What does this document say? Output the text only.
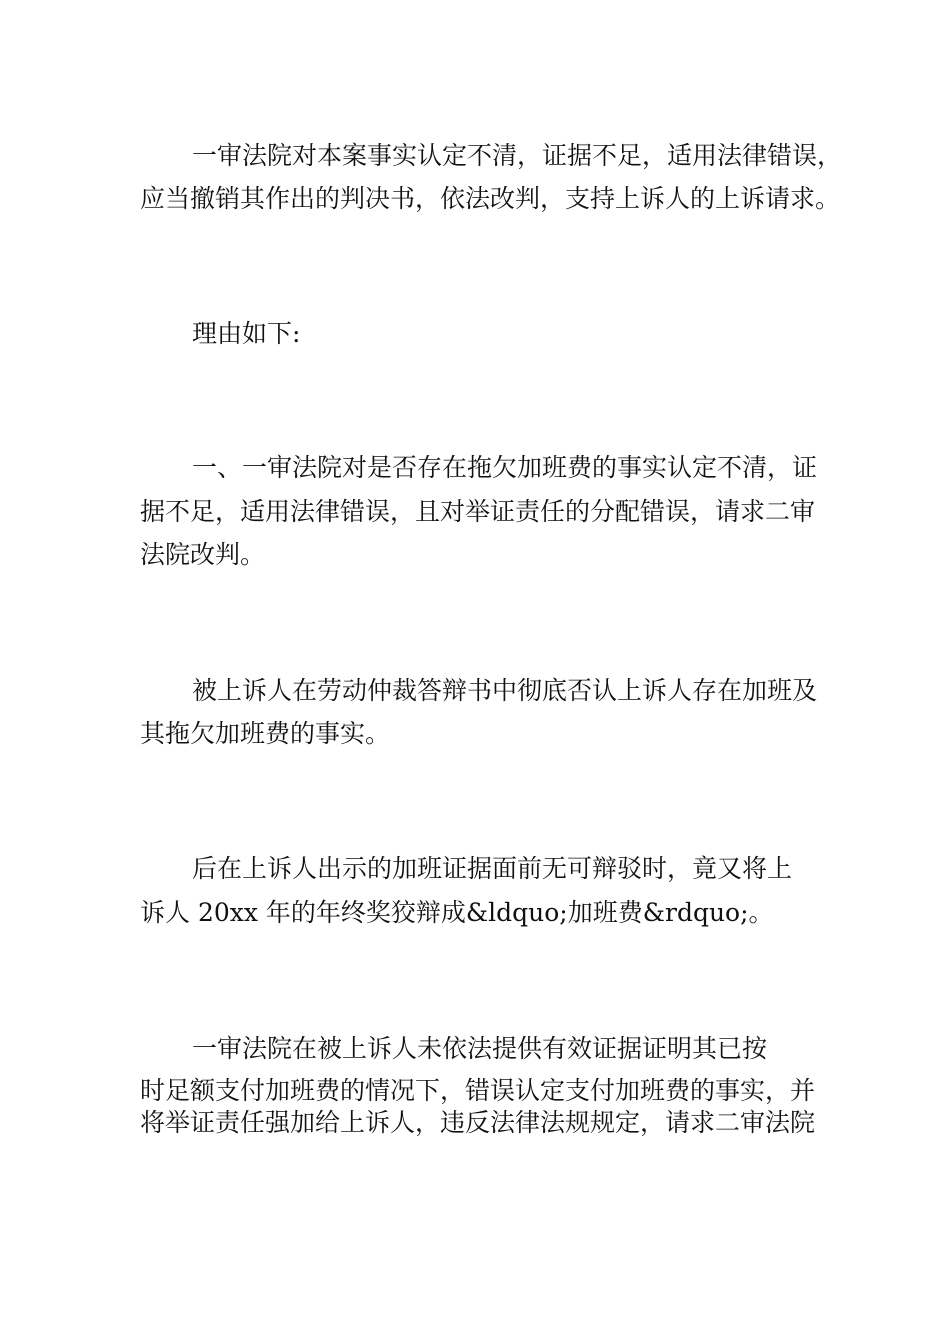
一审法院对本案事实认定不清，证据不足，适用法律错误，
应当撤销其作出的判决书，依法改判，支持上诉人的上诉请求。
理由如下:
一、一审法院对是否存在拖欠加班费的事实认定不清，证
据不足，适用法律错误，且对举证责任的分配错误，请求二审
法院改判。
被上诉人在劳动仲裁答辩书中彻底否认上诉人存在加班及
其拖欠加班费的事实。
后在上诉人出示的加班证据面前无可辩驳时，竟又将上
诉人 20xx 年的年终奖狡辩成&ldquo;加班费&rdquo;。
一审法院在被上诉人未依法提供有效证据证明其已按
时足额支付加班费的情况下，错误认定支付加班费的事实，并
将举证责任强加给上诉人，违反法律法规规定，请求二审法院
